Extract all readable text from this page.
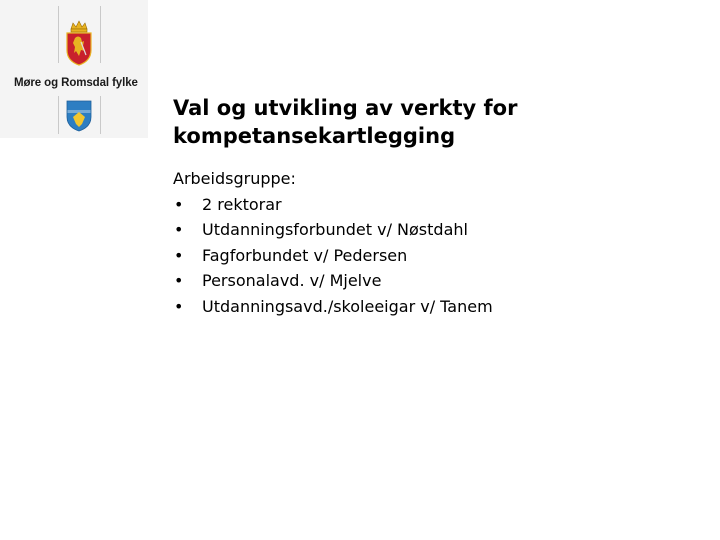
Møre og Romsdal fylke
Val og utvikling av verkty for kompetansekartlegging
Arbeidsgruppe:
•	2 rektorar
•	Utdanningsforbundet v/ Nøstdahl
•	Fagforbundet v/ Pedersen
•	Personalavd. v/ Mjelve
•	Utdanningsavd./skoleeigar v/ Tanem
